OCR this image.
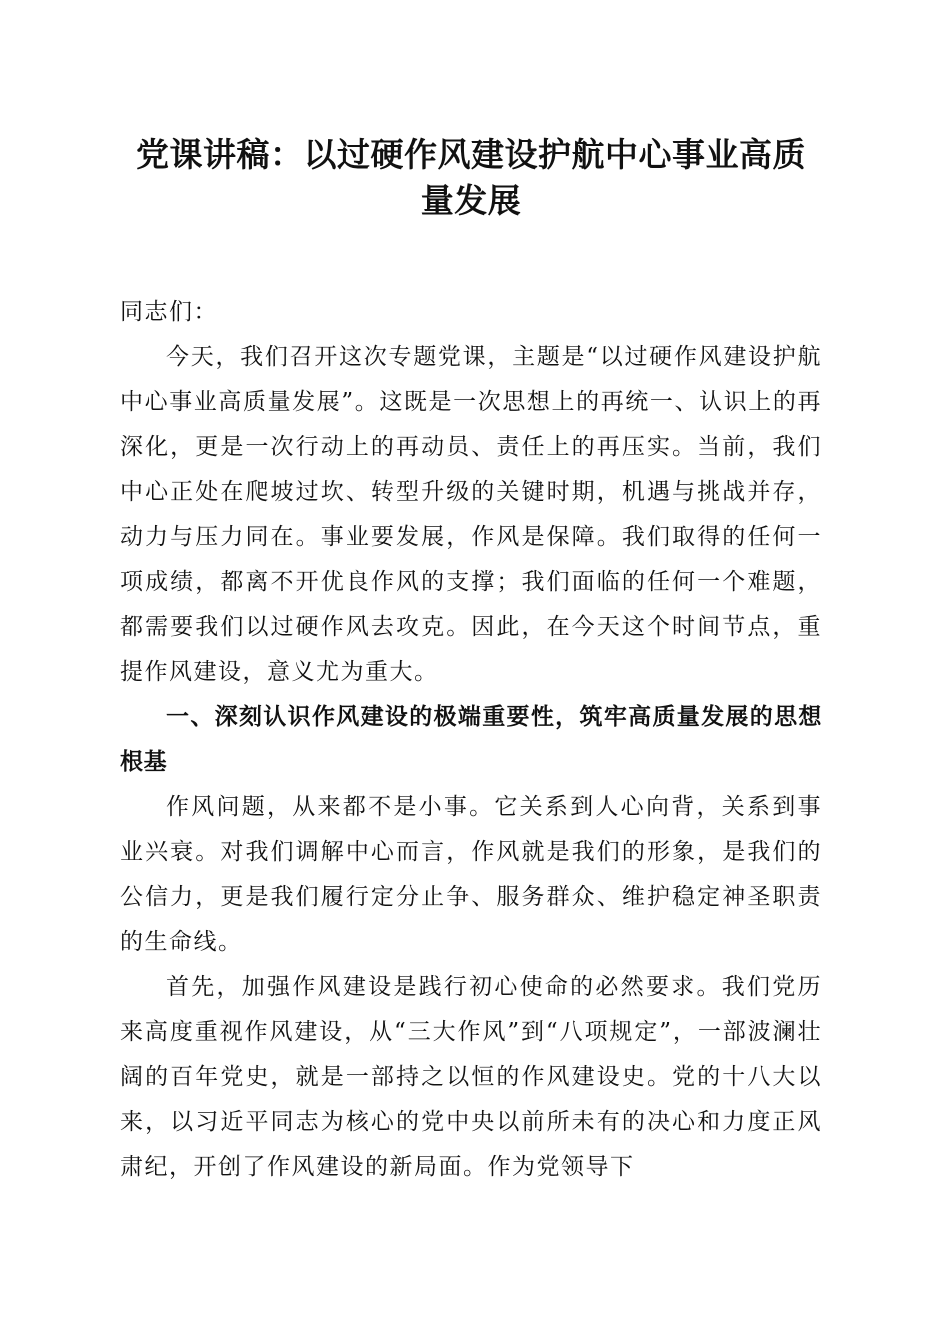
党课讲稿：以过硬作风建设护航中心事业高质量发展

同志们：

今天，我们召开这次专题党课，主题是“以过硬作风建设护航中心事业高质量发展”。这既是一次思想上的再统一、认识上的再深化，更是一次行动上的再动员、责任上的再压实。当前，我们中心正处在爬坡过坎、转型升级的关键时期，机遇与挑战并存，动力与压力同在。事业要发展，作风是保障。我们取得的任何一项成绩，都离不开优良作风的支撑；我们面临的任何一个难题，都需要我们以过硬作风去攻克。因此，在今天这个时间节点，重提作风建设，意义尤为重大。

一、深刻认识作风建设的极端重要性，筑牢高质量发展的思想根基

作风问题，从来都不是小事。它关系到人心向背，关系到事业兴衰。对我们调解中心而言，作风就是我们的形象，是我们的公信力，更是我们履行定分止争、服务群众、维护稳定神圣职责的生命线。

首先，加强作风建设是践行初心使命的必然要求。我们党历来高度重视作风建设，从“三大作风”到“八项规定”，一部波澜壮阔的百年党史，就是一部持之以恒的作风建设史。党的十八大以来，以习近平同志为核心的党中央以前所未有的决心和力度正风肃纪，开创了作风建设的新局面。作为党领导下
